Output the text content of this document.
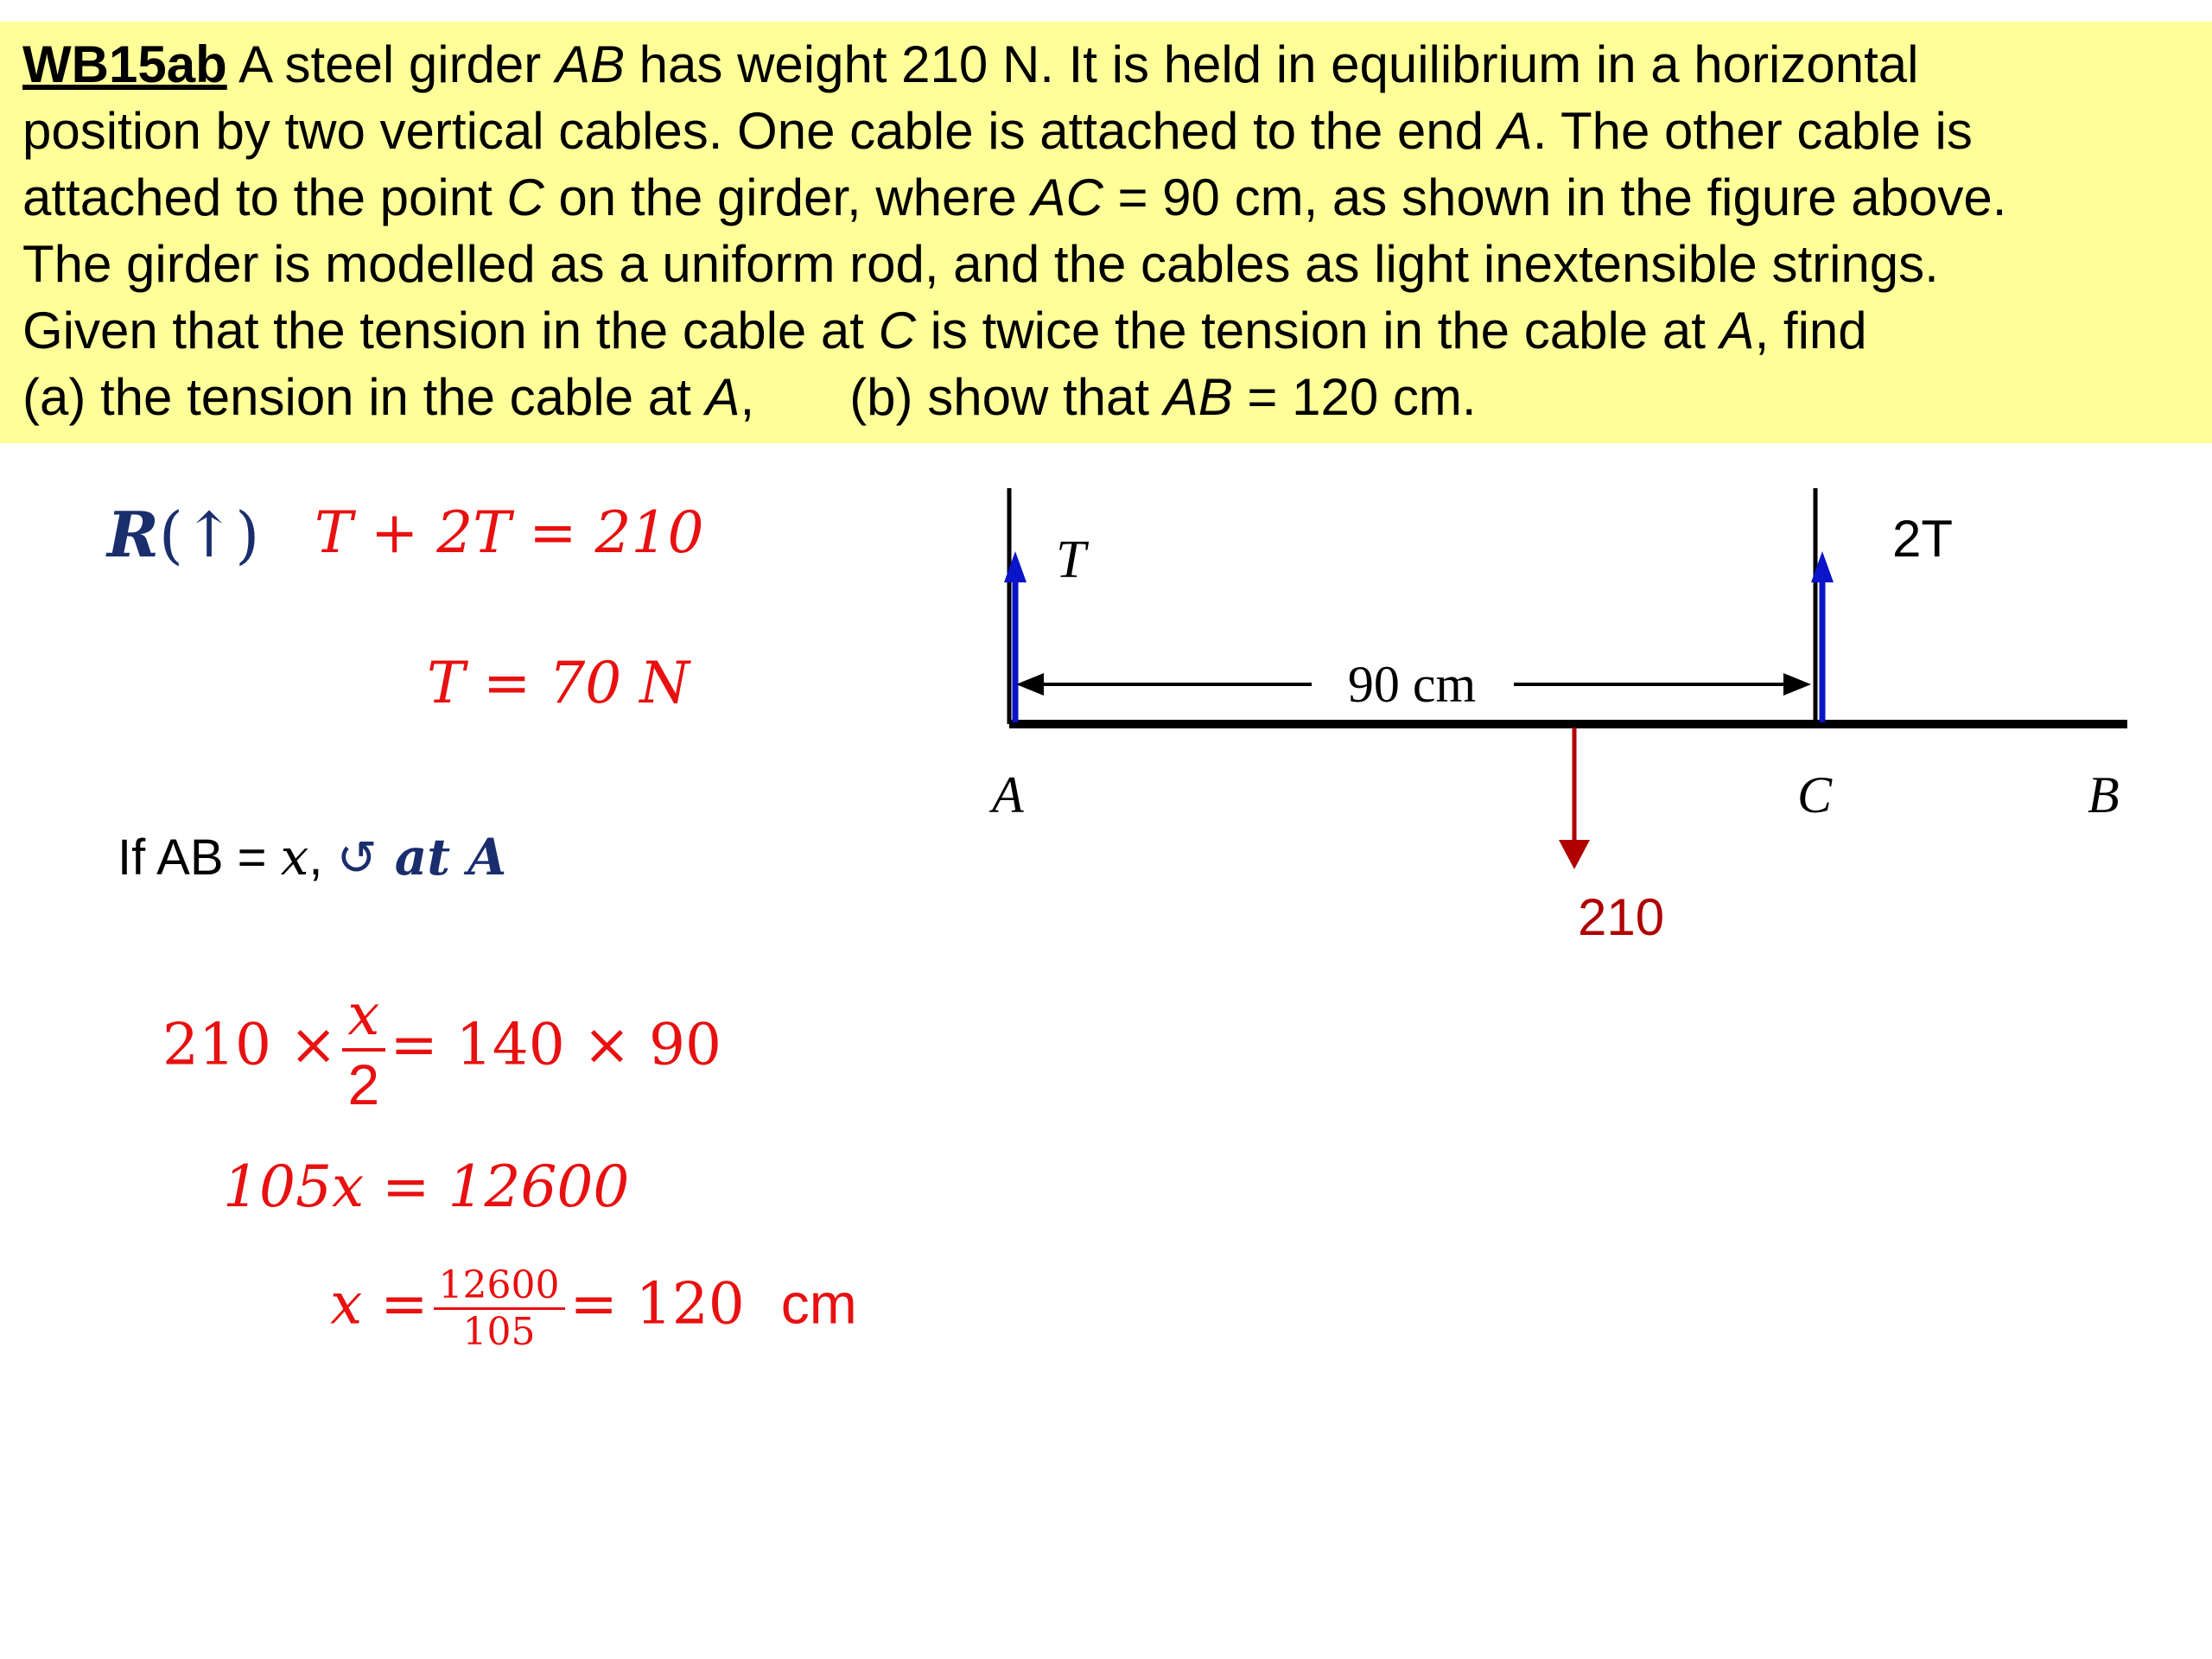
WB15ab A steel girder AB has weight 210 N. It is held in equilibrium in a horizontal
position by two vertical cables. One cable is attached to the end A. The other cable is
attached to the point C on the girder, where AC = 90 cm, as shown in the figure above.
The girder is modelled as a uniform rod, and the cables as light inextensible strings.
Given that the tension in the cable at C is twice the tension in the cable at A, find
(a) the tension in the cable at A, (b) show that AB = 120 cm.
R(↑) T + 2T = 210
T = 70 N
If AB = x, ↺ at A
$210 \times \frac{x}{2} = 140 \times 90$
105x = 12600
$x = \frac{12600}{105} = 120$ cm
T	2T
90 cm
A	C	B
210
